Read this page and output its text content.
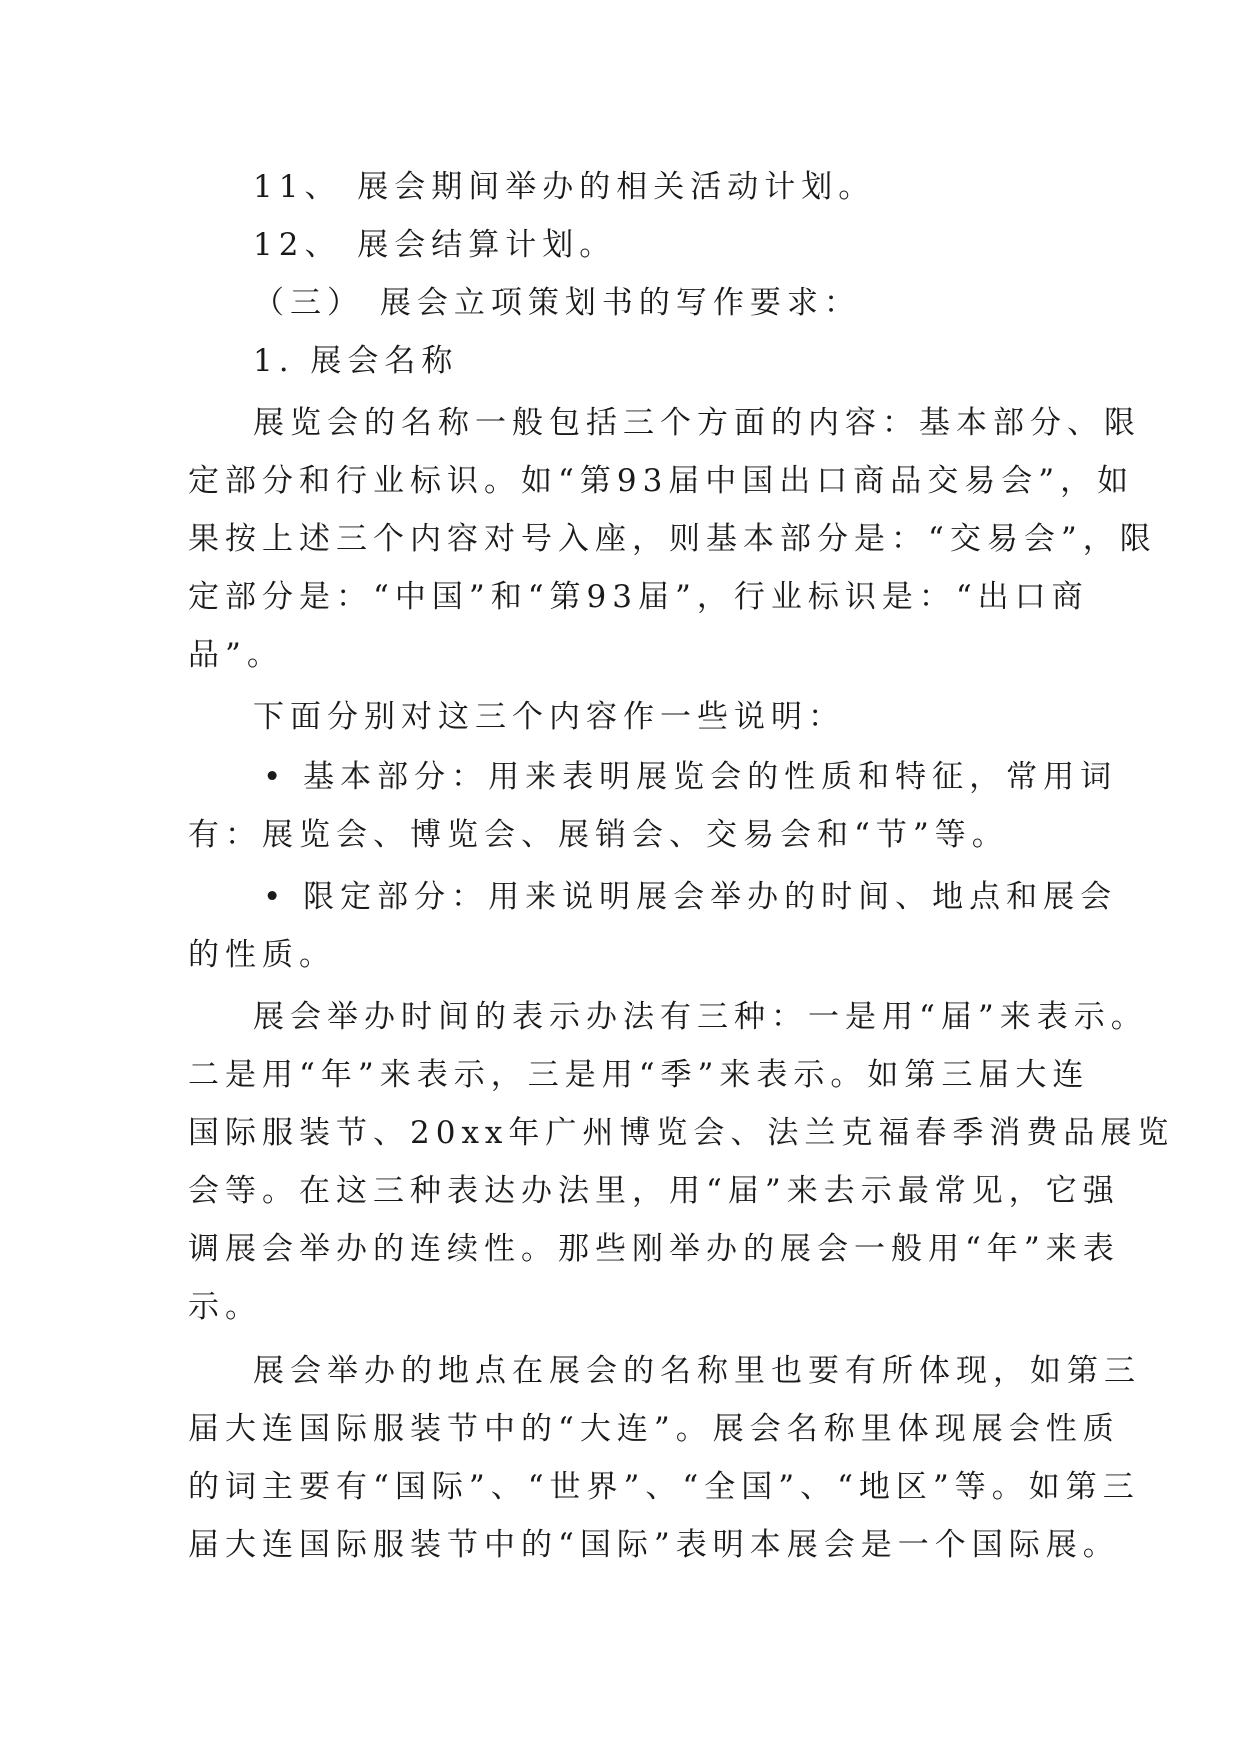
11、 展会期间举办的相关活动计划。
12、 展会结算计划。
（三） 展会立项策划书的写作要求：
1. 展会名称
展览会的名称一般包括三个方面的内容：基本部分、限
定部分和行业标识。如“第93届中国出口商品交易会”，如
果按上述三个内容对号入座，则基本部分是：“交易会”，限
定部分是：“中国”和“第93届”，行业标识是：“出口商
品”。
下面分别对这三个内容作一些说明：
• 基本部分：用来表明展览会的性质和特征，常用词
有：展览会、博览会、展销会、交易会和“节”等。
• 限定部分：用来说明展会举办的时间、地点和展会
的性质。
展会举办时间的表示办法有三种：一是用“届”来表示。
二是用“年”来表示，三是用“季”来表示。如第三届大连
国际服装节、20xx年广州博览会、法兰克福春季消费品展览
会等。在这三种表达办法里，用“届”来去示最常见，它强
调展会举办的连续性。那些刚举办的展会一般用“年”来表
示。
展会举办的地点在展会的名称里也要有所体现，如第三
届大连国际服装节中的“大连”。展会名称里体现展会性质
的词主要有“国际”、“世界”、“全国”、“地区”等。如第三
届大连国际服装节中的“国际”表明本展会是一个国际展。
